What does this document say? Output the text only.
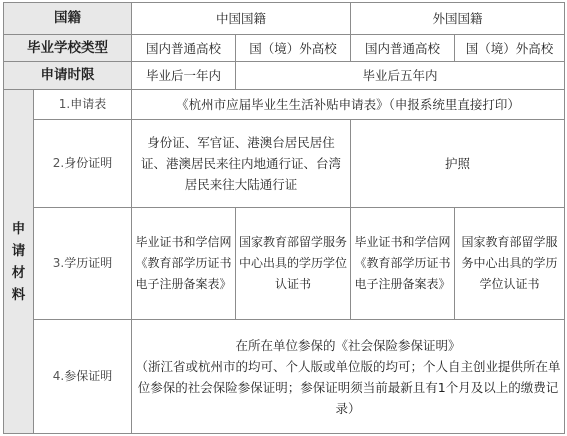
国籍		中国国籍		外国国籍	
毕业学校类型		国内普通高校	国（境）外高校	国内普通高校	国（境）外高校
申请时限		毕业后一年内	毕业后五年内		
申请材料	1.申请表	《杭州市应届毕业生生活补贴申请表》（申报系统里直接打印）			
	2.身份证明	身份证、军官证、港澳台居民居住证、港澳居民来往内地通行证、台湾居民来往大陆通行证		护照	
	3.学历证明	毕业证书和学信网《教育部学历证书电子注册备案表》	国家教育部留学服务中心出具的学历学位认证书	毕业证书和学信网《教育部学历证书电子注册备案表》	国家教育部留学服务中心出具的学历学位认证书
	4.参保证明	在所在单位参保的《社会保险参保证明》
（浙江省或杭州市的均可、个人版或单位版的均可；个人自主创业提供所在单位参保的社会保险参保证明；参保证明须当前最新且有1个月及以上的缴费记录）			
